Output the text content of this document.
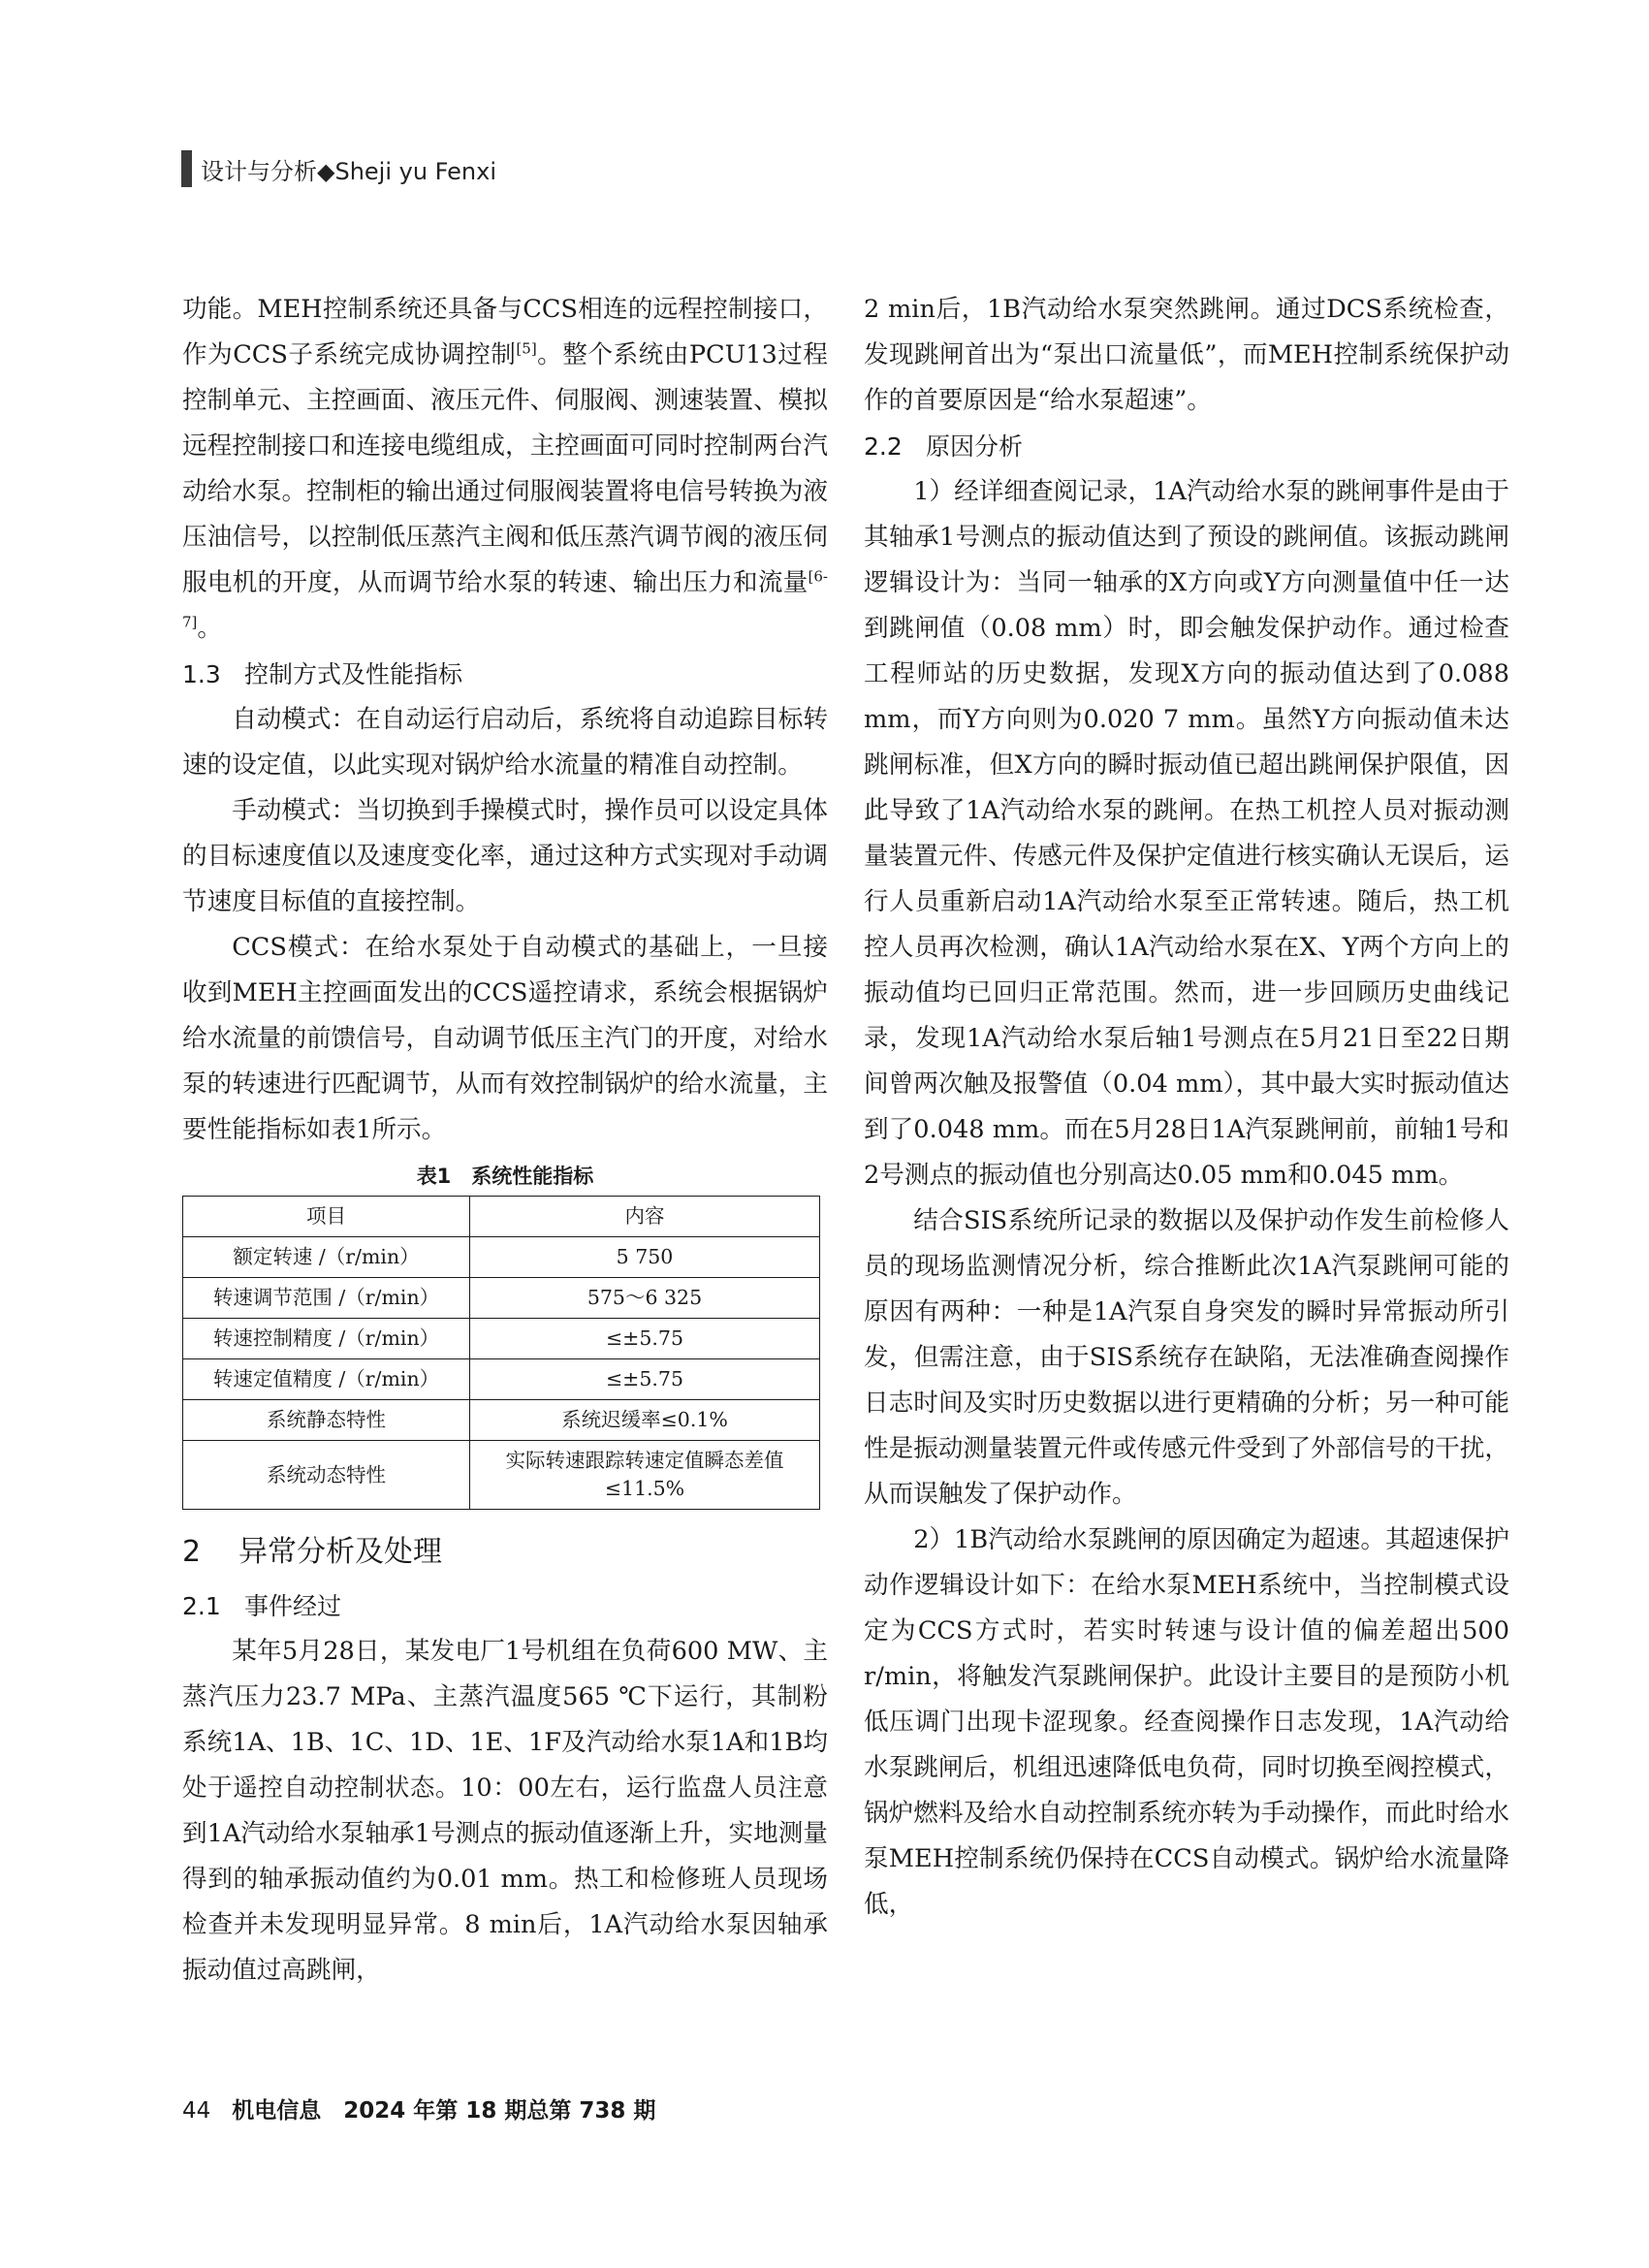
设计与分析◆Sheji yu Fenxi

功能。MEH控制系统还具备与CCS相连的远程控制接口，作为CCS子系统完成协调控制[5]。整个系统由PCU13过程控制单元、主控画面、液压元件、伺服阀、测速装置、模拟远程控制接口和连接电缆组成，主控画面可同时控制两台汽动给水泵。控制柜的输出通过伺服阀装置将电信号转换为液压油信号，以控制低压蒸汽主阀和低压蒸汽调节阀的液压伺服电机的开度，从而调节给水泵的转速、输出压力和流量[6-7]。

1.3 控制方式及性能指标

自动模式：在自动运行启动后，系统将自动追踪目标转速的设定值，以此实现对锅炉给水流量的精准自动控制。

手动模式：当切换到手操模式时，操作员可以设定具体的目标速度值以及速度变化率，通过这种方式实现对手动调节速度目标值的直接控制。

CCS模式：在给水泵处于自动模式的基础上，一旦接收到MEH主控画面发出的CCS遥控请求，系统会根据锅炉给水流量的前馈信号，自动调节低压主汽门的开度，对给水泵的转速进行匹配调节，从而有效控制锅炉的给水流量，主要性能指标如表1所示。

表1　系统性能指标
项目	内容
额定转速 /（r/min）	5 750
转速调节范围 /（r/min）	575～6 325
转速控制精度 /（r/min）	≤±5.75
转速定值精度 /（r/min）	≤±5.75
系统静态特性	系统迟缓率≤0.1%
系统动态特性	实际转速跟踪转速定值瞬态差值≤11.5%
2 异常分析及处理
2.1 事件经过

某年5月28日，某发电厂1号机组在负荷600 MW、主蒸汽压力23.7 MPa、主蒸汽温度565 ℃下运行，其制粉系统1A、1B、1C、1D、1E、1F及汽动给水泵1A和1B均处于遥控自动控制状态。10：00左右，运行监盘人员注意到1A汽动给水泵轴承1号测点的振动值逐渐上升，实地测量得到的轴承振动值约为0.01 mm。热工和检修班人员现场检查并未发现明显异常。8 min后，1A汽动给水泵因轴承振动值过高跳闸，

2 min后，1B汽动给水泵突然跳闸。通过DCS系统检查，发现跳闸首出为“泵出口流量低”，而MEH控制系统保护动作的首要原因是“给水泵超速”。

2.2 原因分析

1）经详细查阅记录，1A汽动给水泵的跳闸事件是由于其轴承1号测点的振动值达到了预设的跳闸值。该振动跳闸逻辑设计为：当同一轴承的X方向或Y方向测量值中任一达到跳闸值（0.08 mm）时，即会触发保护动作。通过检查工程师站的历史数据，发现X方向的振动值达到了0.088 mm，而Y方向则为0.020 7 mm。虽然Y方向振动值未达跳闸标准，但X方向的瞬时振动值已超出跳闸保护限值，因此导致了1A汽动给水泵的跳闸。在热工机控人员对振动测量装置元件、传感元件及保护定值进行核实确认无误后，运行人员重新启动1A汽动给水泵至正常转速。随后，热工机控人员再次检测，确认1A汽动给水泵在X、Y两个方向上的振动值均已回归正常范围。然而，进一步回顾历史曲线记录，发现1A汽动给水泵后轴1号测点在5月21日至22日期间曾两次触及报警值（0.04 mm），其中最大实时振动值达到了0.048 mm。而在5月28日1A汽泵跳闸前，前轴1号和2号测点的振动值也分别高达0.05 mm和0.045 mm。

结合SIS系统所记录的数据以及保护动作发生前检修人员的现场监测情况分析，综合推断此次1A汽泵跳闸可能的原因有两种：一种是1A汽泵自身突发的瞬时异常振动所引发，但需注意，由于SIS系统存在缺陷，无法准确查阅操作日志时间及实时历史数据以进行更精确的分析；另一种可能性是振动测量装置元件或传感元件受到了外部信号的干扰，从而误触发了保护动作。

2）1B汽动给水泵跳闸的原因确定为超速。其超速保护动作逻辑设计如下：在给水泵MEH系统中，当控制模式设定为CCS方式时，若实时转速与设计值的偏差超出500 r/min，将触发汽泵跳闸保护。此设计主要目的是预防小机低压调门出现卡涩现象。经查阅操作日志发现，1A汽动给水泵跳闸后，机组迅速降低电负荷，同时切换至阀控模式，锅炉燃料及给水自动控制系统亦转为手动操作，而此时给水泵MEH控制系统仍保持在CCS自动模式。锅炉给水流量降低，

44 机电信息　2024 年第 18 期总第 738 期
